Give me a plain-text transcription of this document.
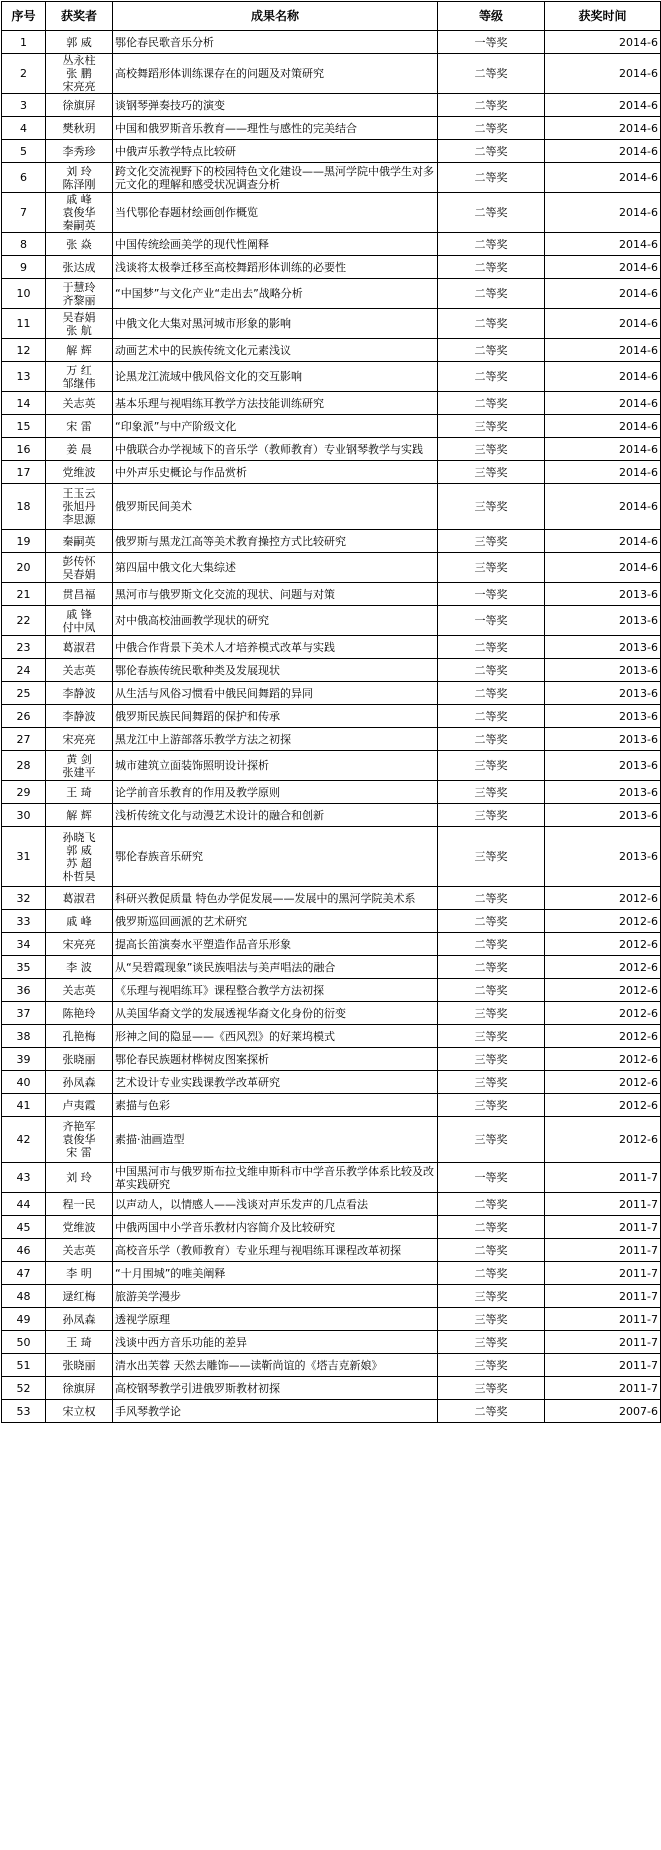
序号	获奖者	成果名称	等级	获奖时间
1	郭 威	鄂伦春民歌音乐分析	一等奖	2014-6
2	丛永柱
张 鹏
宋亮亮	高校舞蹈形体训练课存在的问题及对策研究	二等奖	2014-6
3	徐旗屏	谈钢琴弹奏技巧的演变	二等奖	2014-6
4	樊秋玥	中国和俄罗斯音乐教育——理性与感性的完美结合	二等奖	2014-6
5	李秀珍	中俄声乐教学特点比较研	二等奖	2014-6
6	刘 玲
陈泽刚	跨文化交流视野下的校园特色文化建设——黑河学院中俄学生对多元文化的理解和感受状况调查分析	二等奖	2014-6
7	戚 峰
袁俊华
秦嗣英	当代鄂伦春题材绘画创作概览	二等奖	2014-6
8	张 焱	中国传统绘画美学的现代性阐释	二等奖	2014-6
9	张达成	浅谈将太极拳迁移至高校舞蹈形体训练的必要性	二等奖	2014-6
10	于慧玲
齐黎丽	“中国梦”与文化产业“走出去”战略分析	二等奖	2014-6
11	吴春娟
张 航	中俄文化大集对黑河城市形象的影响	二等奖	2014-6
12	解 辉	动画艺术中的民族传统文化元素浅议	二等奖	2014-6
13	万 红
邹继伟	论黑龙江流域中俄风俗文化的交互影响	二等奖	2014-6
14	关志英	基本乐理与视唱练耳教学方法技能训练研究	二等奖	2014-6
15	宋 雷	“印象派”与中产阶级文化	三等奖	2014-6
16	姜 晨	中俄联合办学视域下的音乐学（教师教育）专业钢琴教学与实践	三等奖	2014-6
17	党维波	中外声乐史概论与作品赏析	三等奖	2014-6
18	王玉云
张旭丹
李思源	俄罗斯民间美术	三等奖	2014-6
19	秦嗣英	俄罗斯与黑龙江高等美术教育操控方式比较研究	三等奖	2014-6
20	彭传怀
吴春娟	第四届中俄文化大集综述	三等奖	2014-6
21	贯昌福	黑河市与俄罗斯文化交流的现状、问题与对策	一等奖	2013-6
22	戚 锋
付中凤	对中俄高校油画教学现状的研究	一等奖	2013-6
23	葛淑君	中俄合作背景下美术人才培养模式改革与实践	二等奖	2013-6
24	关志英	鄂伦春族传统民歌种类及发展现状	二等奖	2013-6
25	李静波	从生活与风俗习惯看中俄民间舞蹈的异同	二等奖	2013-6
26	李静波	俄罗斯民族民间舞蹈的保护和传承	二等奖	2013-6
27	宋亮亮	黑龙江中上游部落乐教学方法之初探	二等奖	2013-6
28	黄 剑
张建平	城市建筑立面装饰照明设计探析	三等奖	2013-6
29	王 琦	论学前音乐教育的作用及教学原则	三等奖	2013-6
30	解 辉	浅析传统文化与动漫艺术设计的融合和创新	三等奖	2013-6
31	孙晓飞
郭 威
苏 超
朴哲昊	鄂伦春族音乐研究	三等奖	2013-6
32	葛淑君	科研兴教促质量 特色办学促发展——发展中的黑河学院美术系	二等奖	2012-6
33	戚 峰	俄罗斯巡回画派的艺术研究	二等奖	2012-6
34	宋亮亮	提高长笛演奏水平塑造作品音乐形象	二等奖	2012-6
35	李 波	从“吴碧霞现象”谈民族唱法与美声唱法的融合	二等奖	2012-6
36	关志英	《乐理与视唱练耳》课程整合教学方法初探	二等奖	2012-6
37	陈艳玲	从美国华裔文学的发展透视华裔文化身份的衍变	三等奖	2012-6
38	孔艳梅	形神之间的隐显——《西风烈》的好莱坞模式	三等奖	2012-6
39	张晓丽	鄂伦春民族题材桦树皮图案探析	三等奖	2012-6
40	孙凤森	艺术设计专业实践课教学改革研究	三等奖	2012-6
41	卢夷霞	素描与色彩	三等奖	2012-6
42	齐艳军
袁俊华
宋 雷	素描·油画造型	三等奖	2012-6
43	刘 玲	中国黑河市与俄罗斯布拉戈维申斯科市中学音乐教学体系比较及改革实践研究	一等奖	2011-7
44	程一民	以声动人，以情感人——浅谈对声乐发声的几点看法	二等奖	2011-7
45	党维波	中俄两国中小学音乐教材内容简介及比较研究	二等奖	2011-7
46	关志英	高校音乐学（教师教育）专业乐理与视唱练耳课程改革初探	二等奖	2011-7
47	李 明	“十月围城”的唯美阐释	二等奖	2011-7
48	逯红梅	旅游美学漫步	三等奖	2011-7
49	孙凤森	透视学原理	三等奖	2011-7
50	王 琦	浅谈中西方音乐功能的差异	三等奖	2011-7
51	张晓丽	清水出芙蓉 天然去雕饰——读靳尚谊的《塔吉克新娘》	三等奖	2011-7
52	徐旗屏	高校钢琴教学引进俄罗斯教材初探	三等奖	2011-7
53	宋立权	手风琴教学论	二等奖	2007-6
